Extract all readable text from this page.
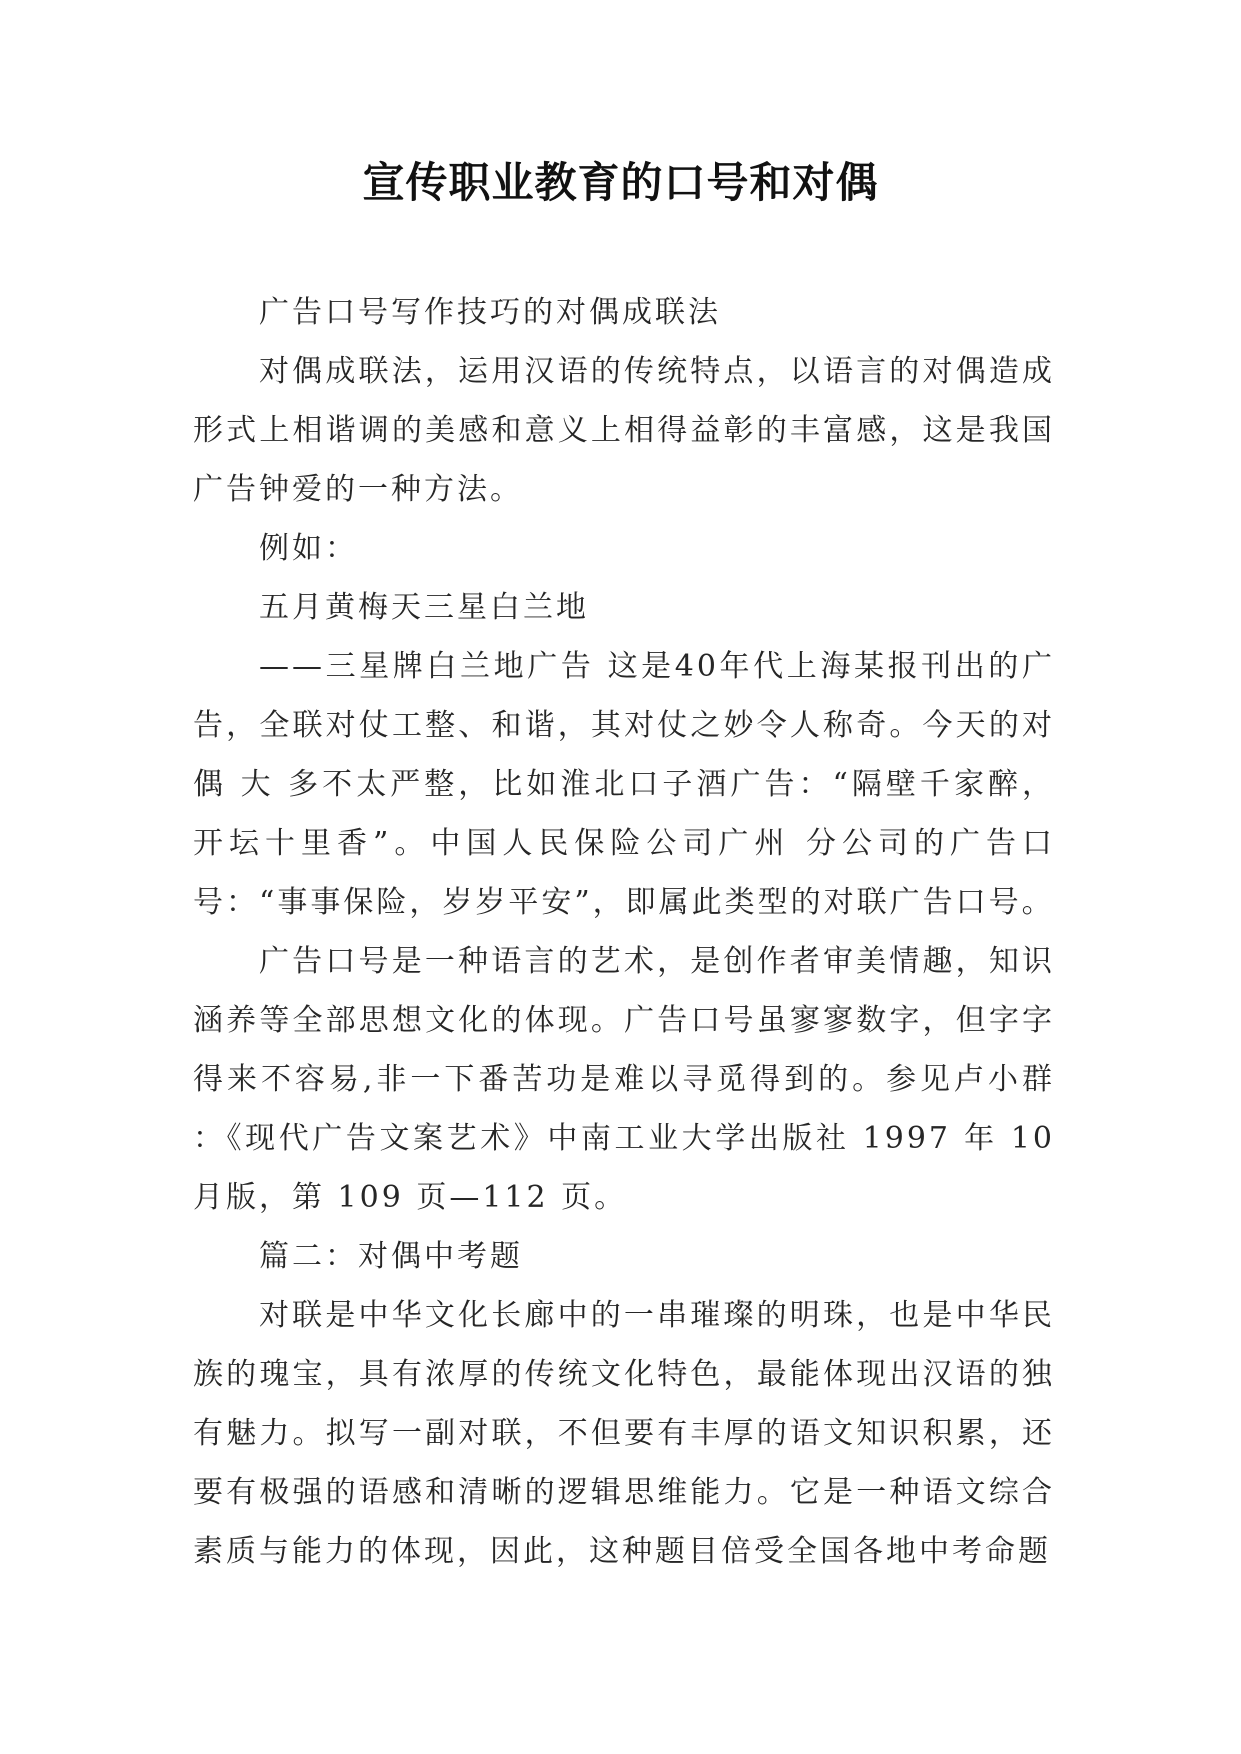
宣传职业教育的口号和对偶

广告口号写作技巧的对偶成联法

对偶成联法，运用汉语的传统特点，以语言的对偶造成形式上相谐调的美感和意义上相得益彰的丰富感，这是我国广告钟爱的一种方法。

例如：

五月黄梅天三星白兰地

——三星牌白兰地广告 这是40年代上海某报刊出的广告，全联对仗工整、和谐，其对仗之妙令人称奇。今天的对偶 大 多不太严整，比如淮北口子酒广告：“隔壁千家醉，开坛十里香”。中国人民保险公司广州 分公司的广告口号：“事事保险，岁岁平安”，即属此类型的对联广告口号。

广告口号是一种语言的艺术，是创作者审美情趣，知识涵养等全部思想文化的体现。广告口号虽寥寥数字，但字字得来不容易,非一下番苦功是难以寻觅得到的。参见卢小群 ：《现代广告文案艺术》中南工业大学出版社 1997 年 10 月版，第 109 页—112 页。

篇二：对偶中考题

对联是中华文化长廊中的一串璀璨的明珠，也是中华民族的瑰宝，具有浓厚的传统文化特色，最能体现出汉语的独有魅力。拟写一副对联，不但要有丰厚的语文知识积累，还要有极强的语感和清晰的逻辑思维能力。它是一种语文综合素质与能力的体现，因此，这种题目倍受全国各地中考命题
